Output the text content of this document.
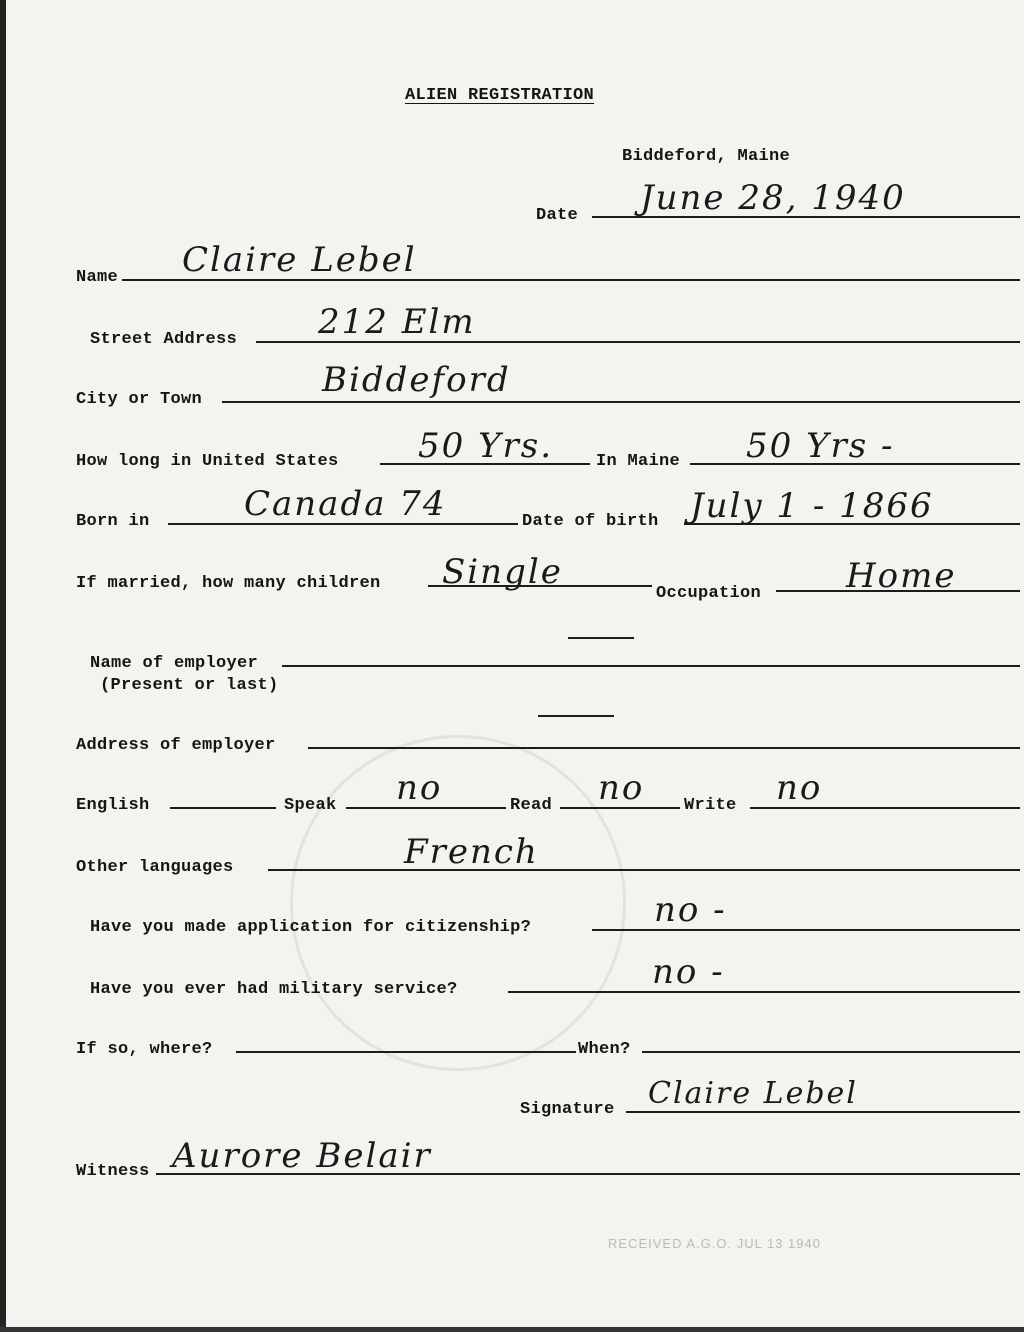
ALIEN REGISTRATION
Biddeford, Maine
Date June 28, 1940
Name Claire Lebel
Street Address 212 Elm
City or Town	Biddeford
How long in United States 50 Yrs.	In Maine 50 Yrs -
Born in	Canada 74	Date of birth July 1 - 1866
If married, how many children Single
Occupation Home
Name of employer
(Present or last)
Address of employer
English	Speak no	Read no Write no
Other languages	French
Have you made application for citizenship?	no -
Have you ever had military service?	no -
If so, where?	When?
Signature Claire Lebel
Witness Aurore Belair
RECEIVED A.G.O. JUL 13 1940
